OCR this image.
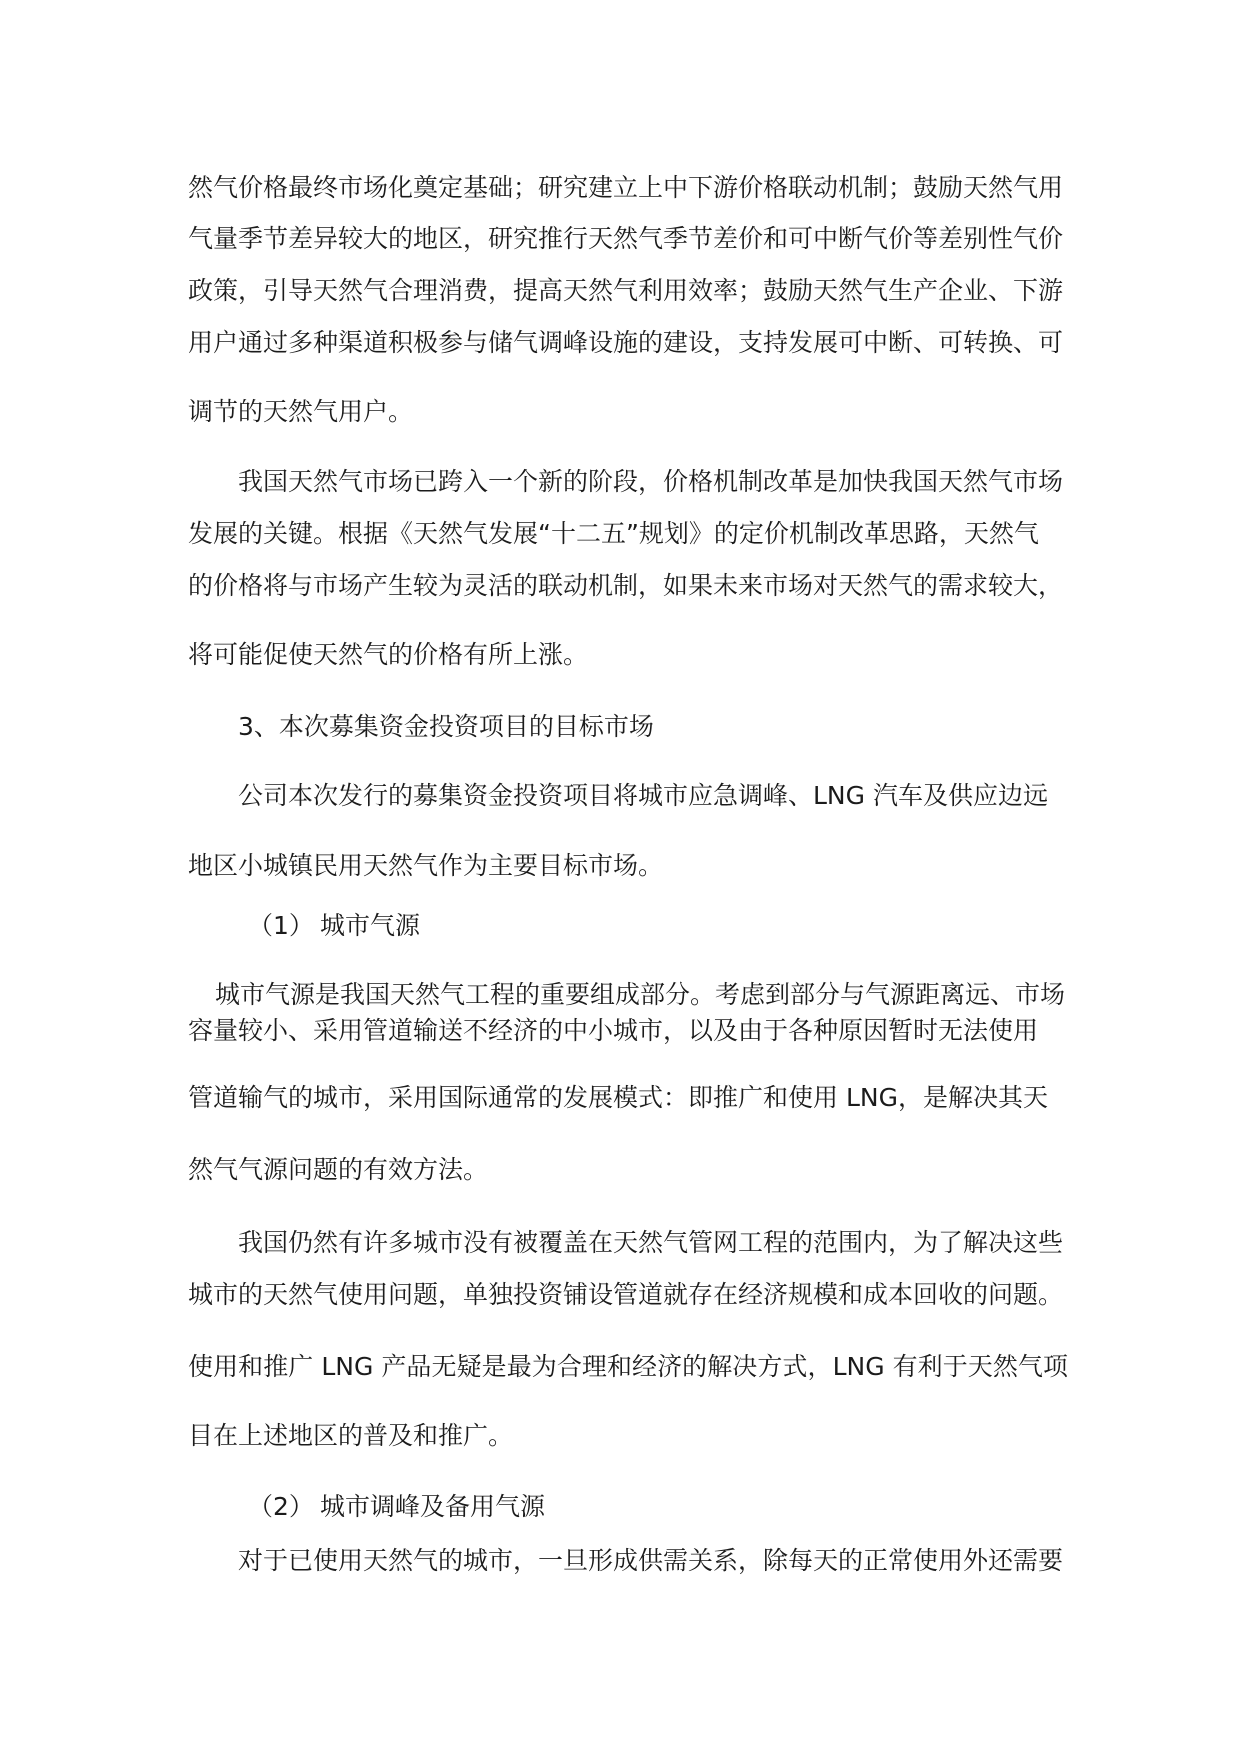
然气价格最终市场化奠定基础；研究建立上中下游价格联动机制；鼓励天然气用
气量季节差异较大的地区，研究推行天然气季节差价和可中断气价等差别性气价
政策，引导天然气合理消费，提高天然气利用效率；鼓励天然气生产企业、下游
用户通过多种渠道积极参与储气调峰设施的建设，支持发展可中断、可转换、可
调节的天然气用户。
我国天然气市场已跨入一个新的阶段，价格机制改革是加快我国天然气市场
发展的关键。根据《天然气发展“十二五”规划》的定价机制改革思路，天然气
的价格将与市场产生较为灵活的联动机制，如果未来市场对天然气的需求较大，
将可能促使天然气的价格有所上涨。
3、本次募集资金投资项目的目标市场
公司本次发行的募集资金投资项目将城市应急调峰、LNG 汽车及供应边远
地区小城镇民用天然气作为主要目标市场。
（1） 城市气源
城市气源是我国天然气工程的重要组成部分。考虑到部分与气源距离远、市场
容量较小、采用管道输送不经济的中小城市，以及由于各种原因暂时无法使用
管道输气的城市，采用国际通常的发展模式：即推广和使用 LNG，是解决其天
然气气源问题的有效方法。
我国仍然有许多城市没有被覆盖在天然气管网工程的范围内，为了解决这些
城市的天然气使用问题，单独投资铺设管道就存在经济规模和成本回收的问题。
使用和推广 LNG 产品无疑是最为合理和经济的解决方式，LNG 有利于天然气项
目在上述地区的普及和推广。
（2） 城市调峰及备用气源
对于已使用天然气的城市，一旦形成供需关系，除每天的正常使用外还需要
